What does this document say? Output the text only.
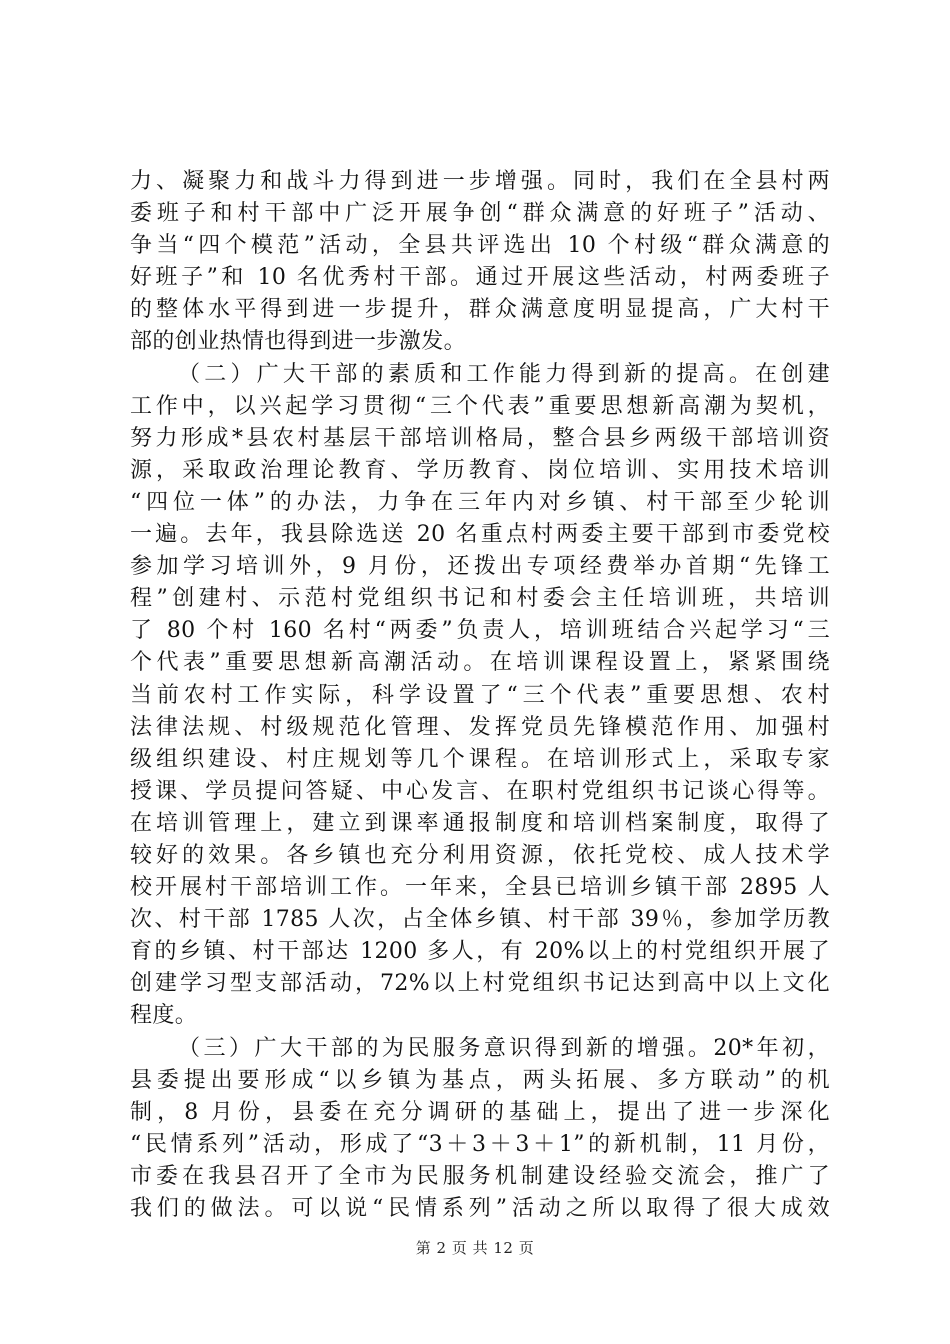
力、凝聚力和战斗力得到进一步增强。同时，我们在全县村两
委班子和村干部中广泛开展争创“群众满意的好班子”活动、
争当“四个模范”活动，全县共评选出 10 个村级“群众满意的
好班子”和 10 名优秀村干部。通过开展这些活动，村两委班子
的整体水平得到进一步提升，群众满意度明显提高，广大村干
部的创业热情也得到进一步激发。
（二）广大干部的素质和工作能力得到新的提高。在创建
工作中，以兴起学习贯彻“三个代表”重要思想新高潮为契机，
努力形成*县农村基层干部培训格局，整合县乡两级干部培训资
源，采取政治理论教育、学历教育、岗位培训、实用技术培训
“四位一体”的办法，力争在三年内对乡镇、村干部至少轮训
一遍。去年，我县除选送 20 名重点村两委主要干部到市委党校
参加学习培训外，9 月份，还拨出专项经费举办首期“先锋工
程”创建村、示范村党组织书记和村委会主任培训班，共培训
了 80 个村 160 名村“两委”负责人，培训班结合兴起学习“三
个代表”重要思想新高潮活动。在培训课程设置上，紧紧围绕
当前农村工作实际，科学设置了“三个代表”重要思想、农村
法律法规、村级规范化管理、发挥党员先锋模范作用、加强村
级组织建设、村庄规划等几个课程。在培训形式上，采取专家
授课、学员提问答疑、中心发言、在职村党组织书记谈心得等。
在培训管理上，建立到课率通报制度和培训档案制度，取得了
较好的效果。各乡镇也充分利用资源，依托党校、成人技术学
校开展村干部培训工作。一年来，全县已培训乡镇干部 2895 人
次、村干部 1785 人次，占全体乡镇、村干部 39％，参加学历教
育的乡镇、村干部达 1200 多人，有 20%以上的村党组织开展了
创建学习型支部活动，72%以上村党组织书记达到高中以上文化
程度。
（三）广大干部的为民服务意识得到新的增强。20*年初，
县委提出要形成“以乡镇为基点，两头拓展、多方联动”的机
制，8 月份，县委在充分调研的基础上，提出了进一步深化
“民情系列”活动，形成了“3＋3＋3＋1”的新机制，11 月份，
市委在我县召开了全市为民服务机制建设经验交流会，推广了
我们的做法。可以说“民情系列”活动之所以取得了很大成效
第 2 页 共 12 页
